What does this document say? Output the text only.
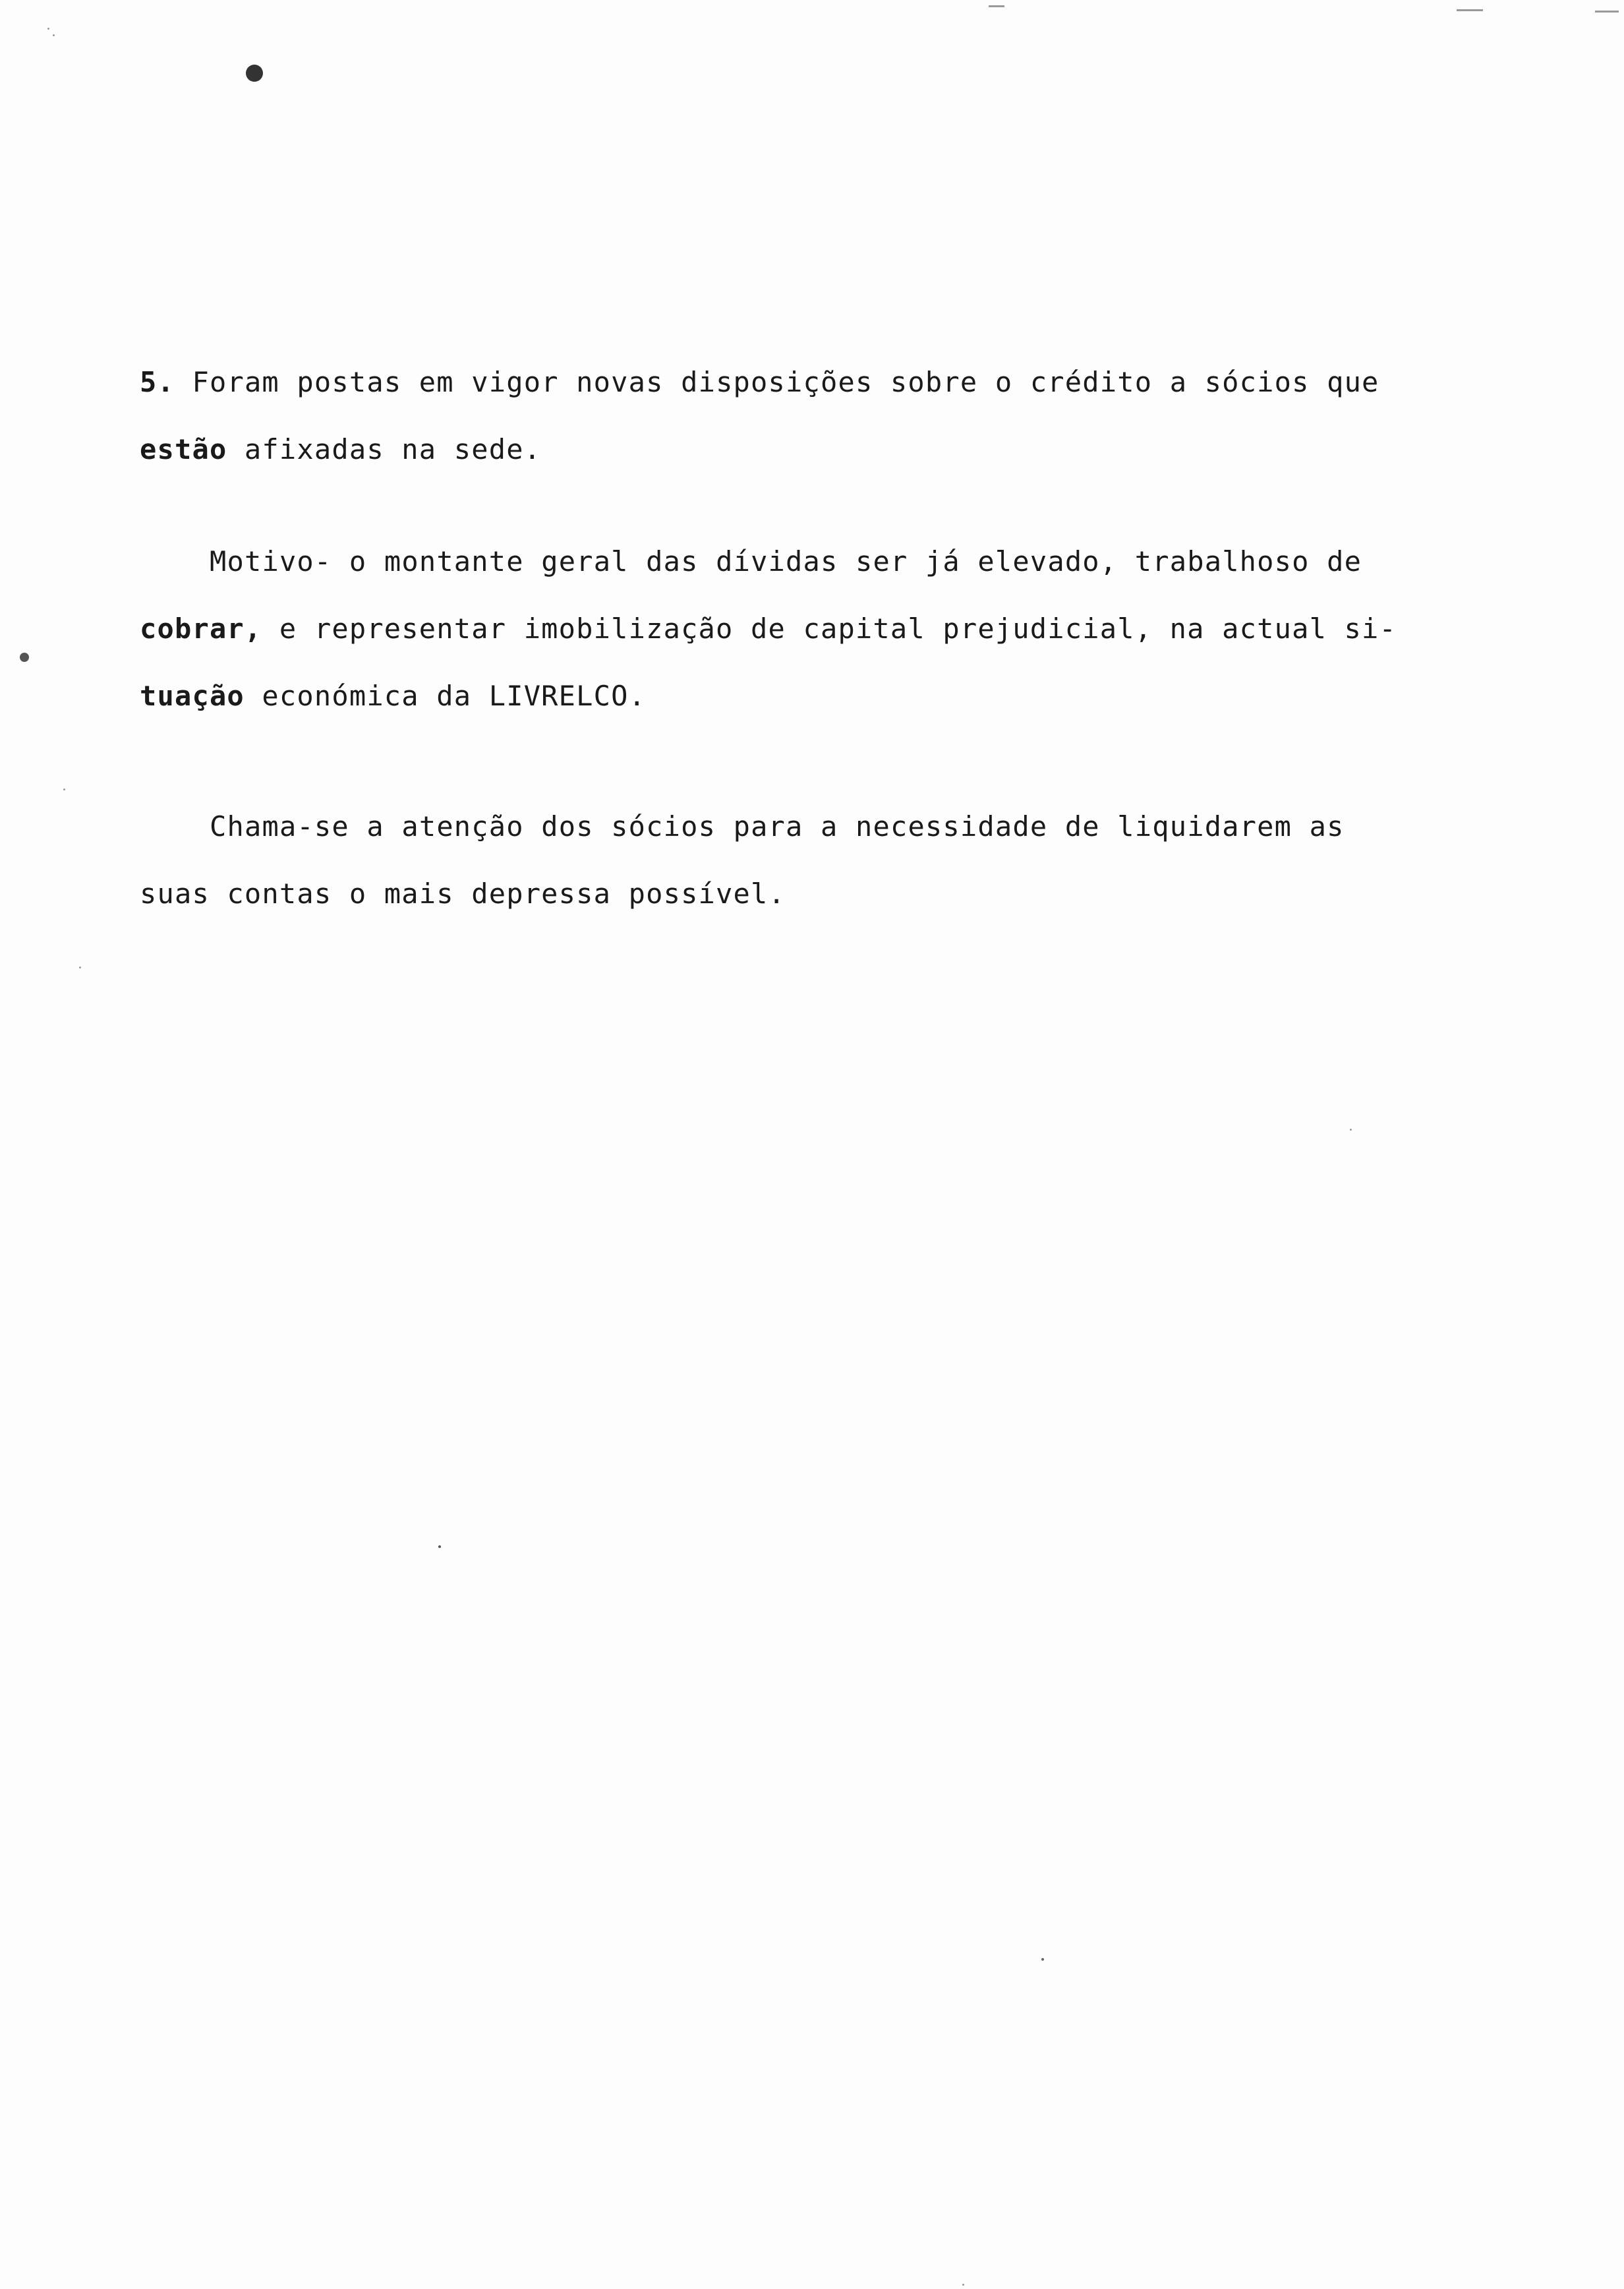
5. Foram postas em vigor novas disposições sobre o crédito a sócios que
estão afixadas na sede.
Motivo- o montante geral das dívidas ser já elevado, trabalhoso de
cobrar, e representar imobilização de capital prejudicial, na actual si-
tuação económica da LIVRELCO.
Chama-se a atenção dos sócios para a necessidade de liquidarem as
suas contas o mais depressa possível.
